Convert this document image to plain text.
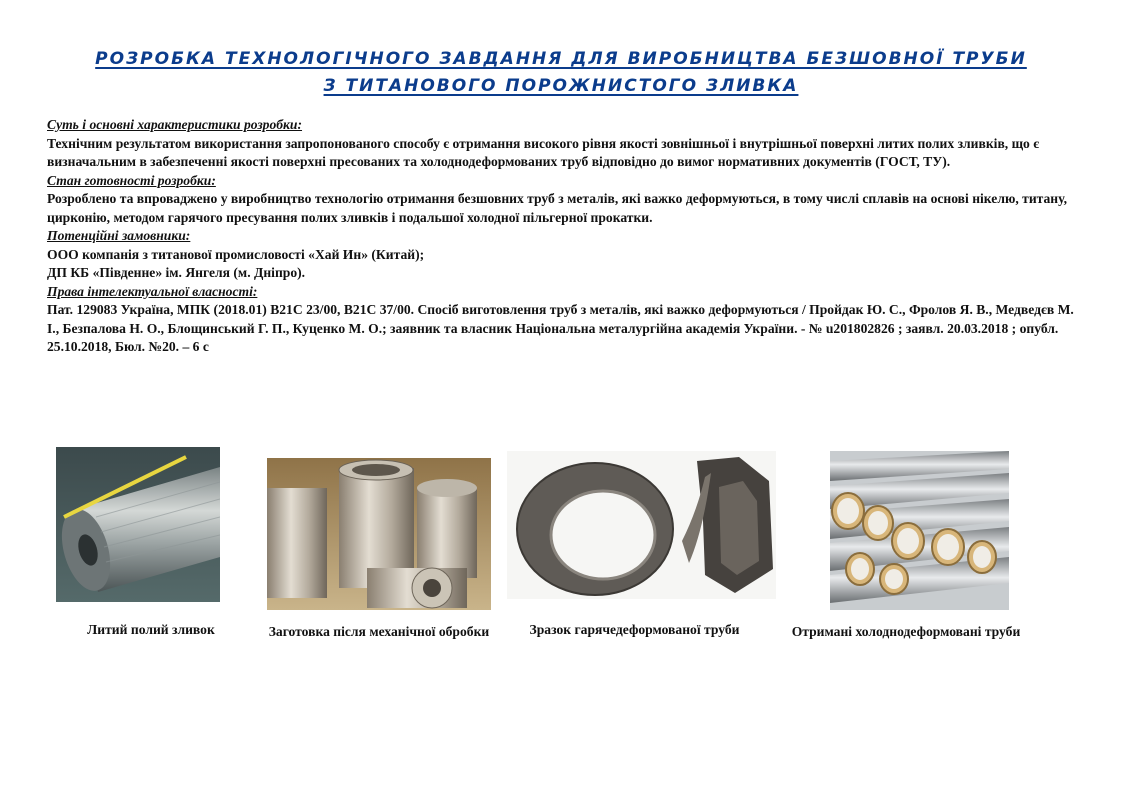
РОЗРОБКА ТЕХНОЛОГІЧНОГО ЗАВДАННЯ ДЛЯ ВИРОБНИЦТВА БЕЗШОВНОЇ ТРУБИ
З ТИТАНОВОГО ПОРОЖНИСТОГО ЗЛИВКА

Суть і основні характеристики розробки:

Технічним результатом використання запропонованого способу є отримання високого рівня якості зовнішньої і внутрішньої поверхні литих полих зливків, що є визначальним в забезпеченні якості поверхні пресованих та холоднодеформованих труб відповідно до вимог нормативних документів (ГОСТ, ТУ).

Стан готовності розробки:

Розроблено та впроваджено у виробництво технологію отримання безшовних труб з металів, які важко деформуються, в тому числі сплавів на основі нікелю, титану, цирконію, методом гарячого пресування полих зливків і подальшої холодної пільгерної прокатки.

Потенційні замовники:

ООО компанія з титанової промисловості «Хай Ин» (Китай);

ДП КБ «Південне» ім. Янгеля (м. Дніпро).

Права інтелектуальної власності:

Пат. 129083 Україна, МПК (2018.01) B21C 23/00, B21C 37/00. Спосіб виготовлення труб з металів, які важко деформуються / Пройдак Ю. С., Фролов Я. В., Медведєв М. І., Безпалова Н. О., Блощинський Г. П., Куценко М. О.; заявник та власник Національна металургійна академія України. - № u201802826 ; заявл. 20.03.2018 ; опубл. 25.10.2018, Бюл. №20. – 6 с

Литий полий зливок	Заготовка після механічної обробки	Зразок гарячедеформованої труби	Отримані холоднодеформовані труби
